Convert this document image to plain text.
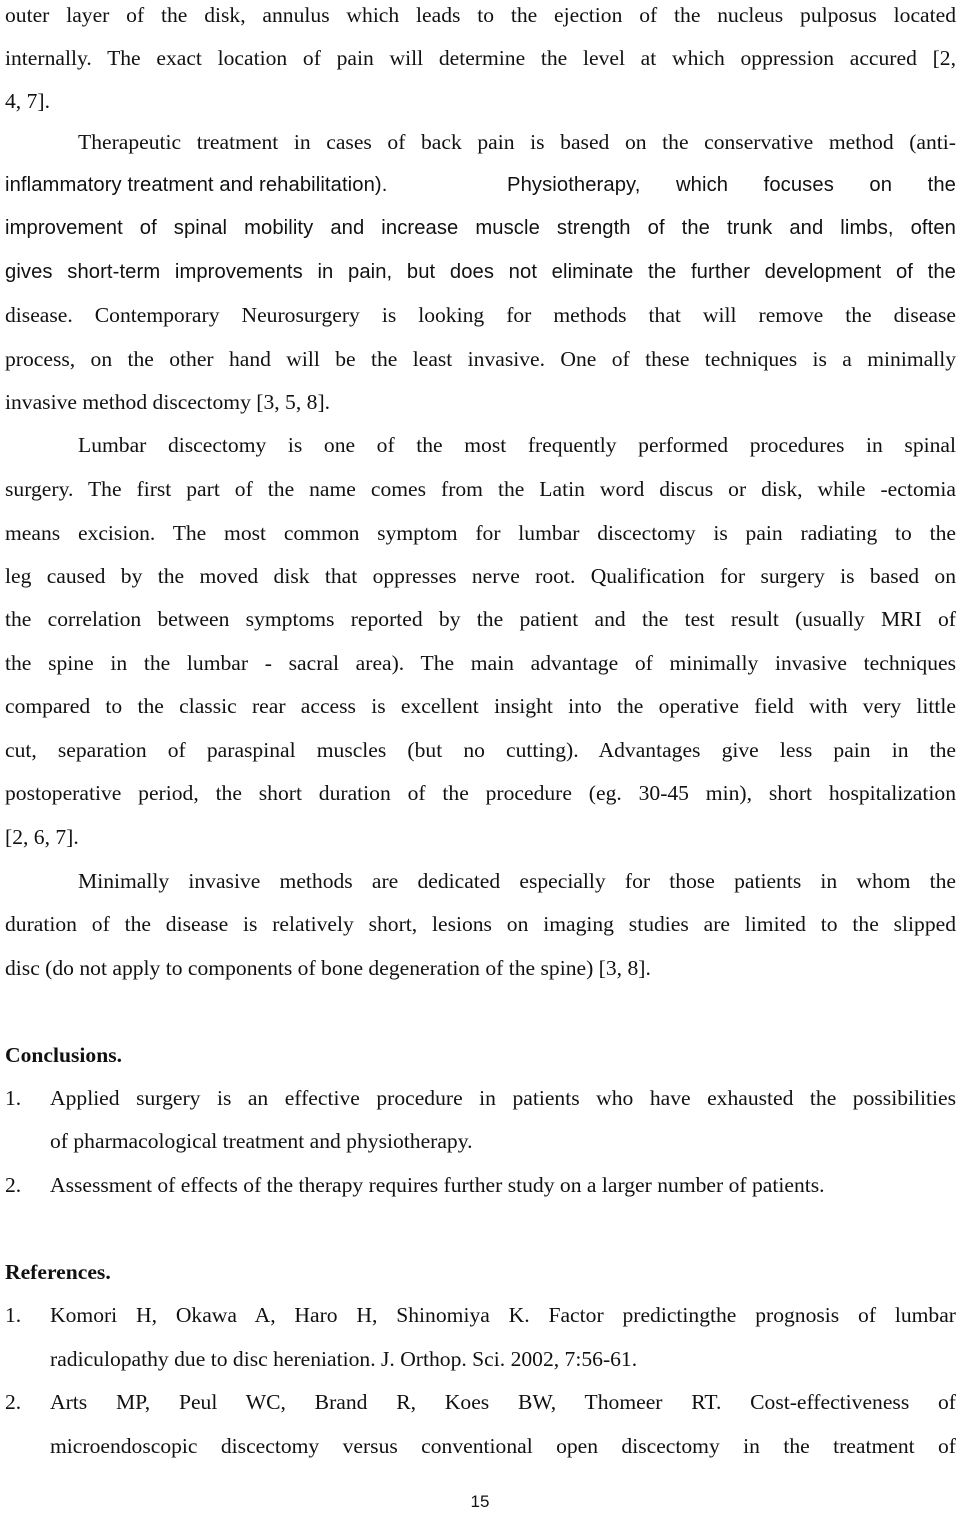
outer layer of the disk, annulus which leads to the ejection of the nucleus pulposus located
internally. The exact location of pain will determine the level at which oppression accured [2,
4, 7].
Therapeutic treatment in cases of back pain is based on the conservative method (anti-
inflammatory treatment and rehabilitation).	Physiotherapy, which focuses on the
improvement of spinal mobility and increase muscle strength of the trunk and limbs, often
gives short-term improvements in pain, but does not eliminate the further development of the
disease. Contemporary Neurosurgery is looking for methods that will remove the disease
process, on the other hand will be the least invasive. One of these techniques is a minimally
invasive method discectomy [3, 5, 8].
Lumbar discectomy is one of the most frequently performed procedures in spinal
surgery. The first part of the name comes from the Latin word discus or disk, while -ectomia
means excision. The most common symptom for lumbar discectomy is pain radiating to the
leg caused by the moved disk that oppresses nerve root. Qualification for surgery is based on
the correlation between symptoms reported by the patient and the test result (usually MRI of
the spine in the lumbar - sacral area). The main advantage of minimally invasive techniques
compared to the classic rear access is excellent insight into the operative field with very little
cut, separation of paraspinal muscles (but no cutting). Advantages give less pain in the
postoperative period, the short duration of the procedure (eg. 30-45 min), short hospitalization
[2, 6, 7].
Minimally invasive methods are dedicated especially for those patients in whom the
duration of the disease is relatively short, lesions on imaging studies are limited to the slipped
disc (do not apply to components of bone degeneration of the spine) [3, 8].
Conclusions.
1.	Applied surgery is an effective procedure in patients who have exhausted the possibilities
of pharmacological treatment and physiotherapy.
2.	Assessment of effects of the therapy requires further study on a larger number of patients.
References.
1.	Komori H, Okawa A, Haro H, Shinomiya K. Factor predictingthe prognosis of lumbar
radiculopathy due to disc hereniation. J. Orthop. Sci. 2002, 7:56-61.
2.	Arts MP, Peul WC, Brand R, Koes BW, Thomeer RT. Cost-effectiveness of
microendoscopic discectomy versus conventional open discectomy in the treatment of
15
